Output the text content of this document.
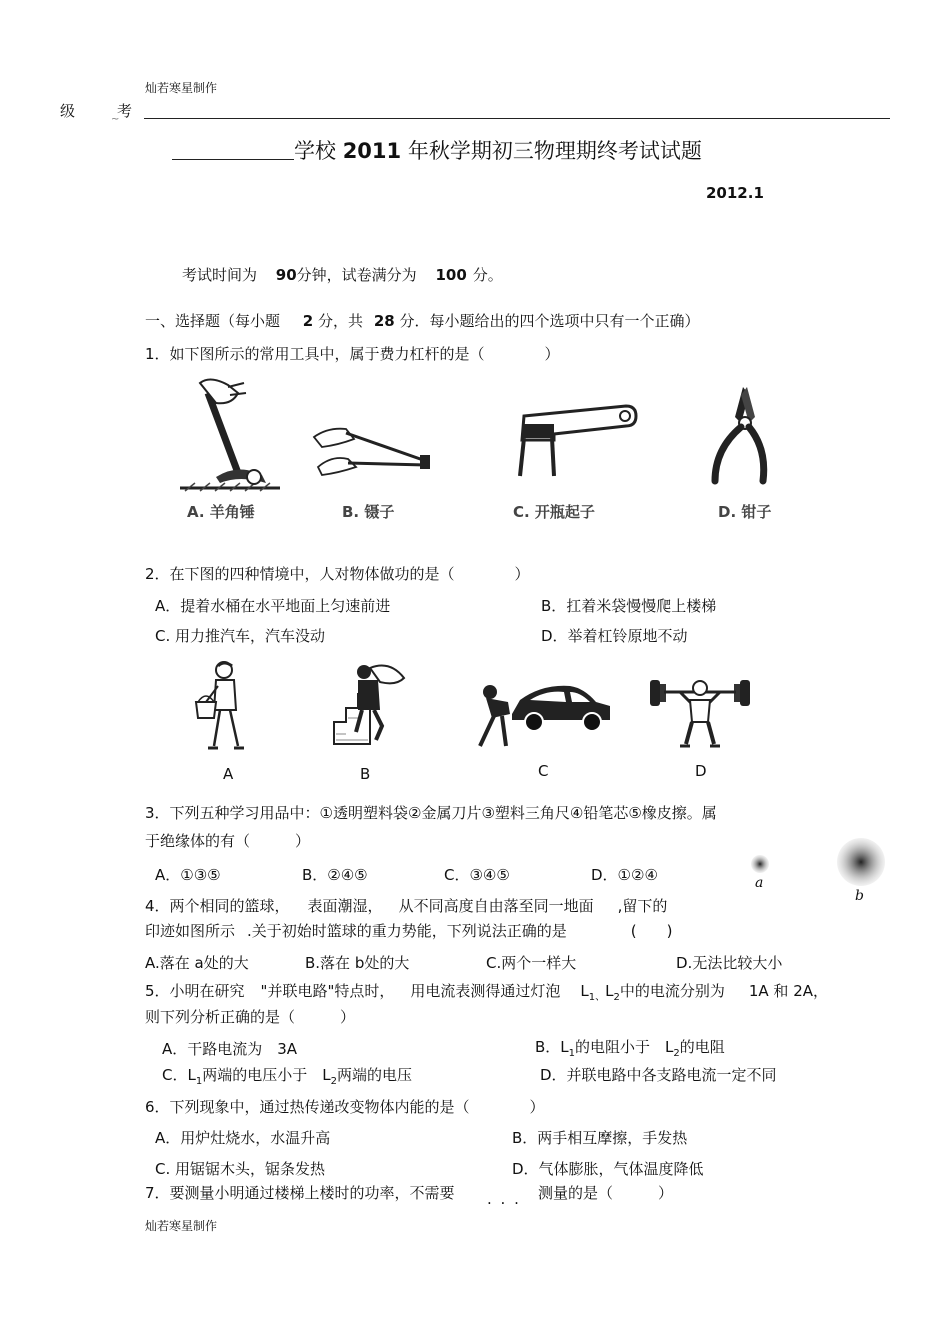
灿若寒星制作
级	考
~
学校 2011 年秋学期初三物理期终考试试题
2012.1
考试时间为 90分钟，试卷满分为 100 分。
一、选择题（每小题 2 分，共 28 分．每小题给出的四个选项中只有一个正确）
1．如下图所示的常用工具中，属于费力杠杆的是（　　　　）
A. 羊角锤	B. 镊子	C. 开瓶起子	D. 钳子
2．在下图的四种情境中，人对物体做功的是（　　　　）
A．提着水桶在水平地面上匀速前进	B．扛着米袋慢慢爬上楼梯
C. 用力推汽车，汽车没动	D．举着杠铃原地不动
A	B	C	D
3．下列五种学习用品中：①透明塑料袋②金属刀片③塑料三角尺④铅笔芯⑤橡皮擦。属
于绝缘体的有（　　　）
A．①③⑤	B．②④⑤	C．③④⑤	D．①②④	a
b
4．两个相同的篮球， 表面潮湿， 从不同高度自由落至同一地面 ,留下的
印迹如图所示 .关于初始时篮球的重力势能，下列说法正确的是	(　　)
A.落在 a处的大	B.落在 b处的大	C.两个一样大	D.无法比较大小
5．小明在研究 "并联电路"特点时， 用电流表测得通过灯泡 $L_{1、}L_2$中的电流分别为 1A 和 2A，
则下列分析正确的是（　　　）
A．干路电流为　3A	B．$L_1$的电阻小于　$L_2$的电阻
C．$L_1$两端的电压小于　$L_2$两端的电压	D．并联电路中各支路电流一定不同
6．下列现象中，通过热传递改变物体内能的是（　　　　）
A．用炉灶烧水，水温升高	B．两手相互摩擦，手发热
C. 用锯锯木头，锯条发热	D．气体膨胀，气体温度降低
7．要测量小明通过楼梯上楼时的功率，不需要 . . . 测量的是（　　　）
灿若寒星制作
